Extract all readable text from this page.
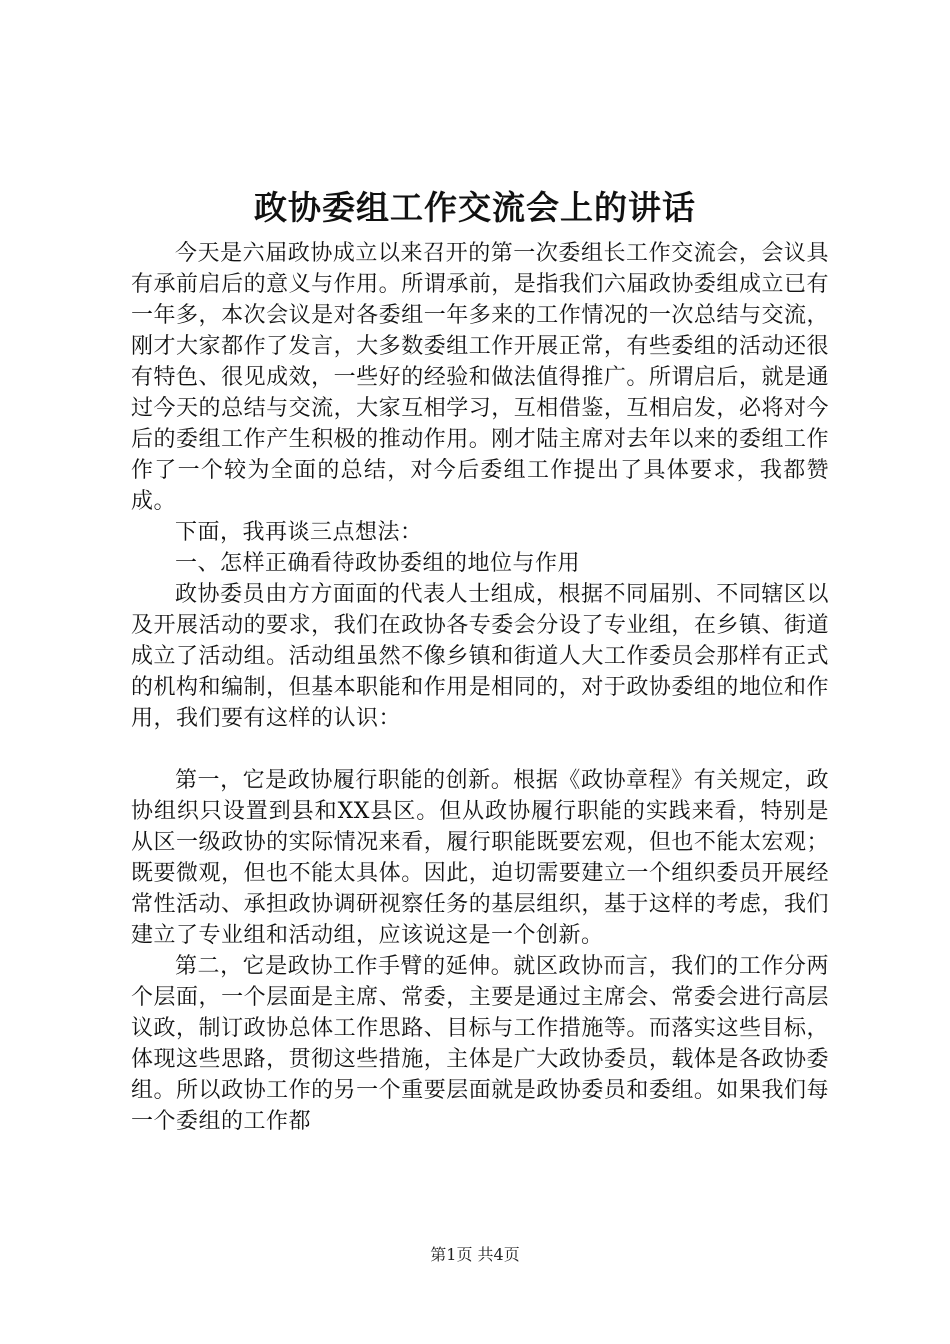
政协委组工作交流会上的讲话

今天是六届政协成立以来召开的第一次委组长工作交流会，会议具有承前启后的意义与作用。所谓承前，是指我们六届政协委组成立已有一年多，本次会议是对各委组一年多来的工作情况的一次总结与交流，刚才大家都作了发言，大多数委组工作开展正常，有些委组的活动还很有特色、很见成效，一些好的经验和做法值得推广。所谓启后，就是通过今天的总结与交流，大家互相学习，互相借鉴，互相启发，必将对今后的委组工作产生积极的推动作用。刚才陆主席对去年以来的委组工作作了一个较为全面的总结，对今后委组工作提出了具体要求，我都赞成。

下面，我再谈三点想法：

一、怎样正确看待政协委组的地位与作用

政协委员由方方面面的代表人士组成，根据不同届别、不同辖区以及开展活动的要求，我们在政协各专委会分设了专业组，在乡镇、街道成立了活动组。活动组虽然不像乡镇和街道人大工作委员会那样有正式的机构和编制，但基本职能和作用是相同的，对于政协委组的地位和作用，我们要有这样的认识：

第一，它是政协履行职能的创新。根据《政协章程》有关规定，政协组织只设置到县和XX县区。但从政协履行职能的实践来看，特别是从区一级政协的实际情况来看，履行职能既要宏观，但也不能太宏观；既要微观，但也不能太具体。因此，迫切需要建立一个组织委员开展经常性活动、承担政协调研视察任务的基层组织，基于这样的考虑，我们建立了专业组和活动组，应该说这是一个创新。

第二，它是政协工作手臂的延伸。就区政协而言，我们的工作分两个层面，一个层面是主席、常委，主要是通过主席会、常委会进行高层议政，制订政协总体工作思路、目标与工作措施等。而落实这些目标，体现这些思路，贯彻这些措施，主体是广大政协委员，载体是各政协委组。所以政协工作的另一个重要层面就是政协委员和委组。如果我们每一个委组的工作都

第1页 共4页
